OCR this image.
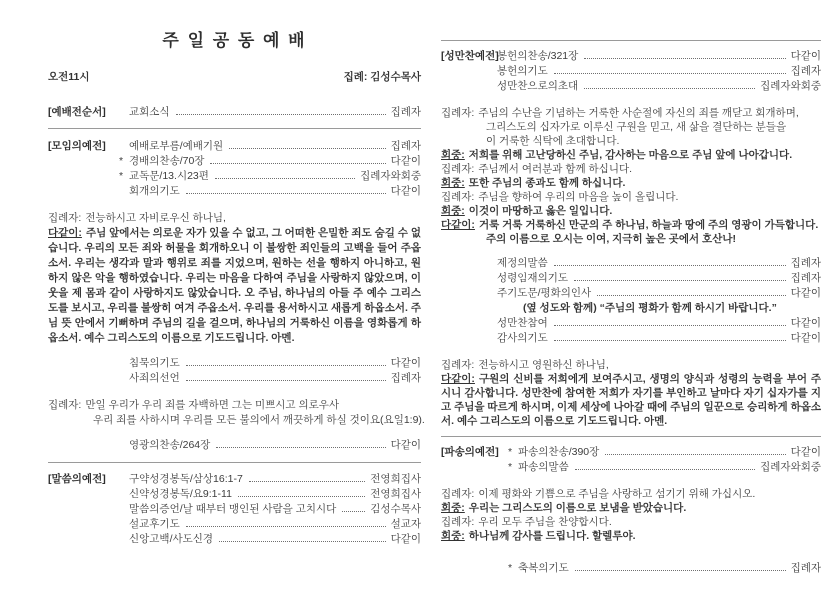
주 일 공 동 예 배
오전11시	집례: 김성수목사
[예배전순서] 교회소식	집례자
[모임의예전] 예배로부름/예배기원	집례자
* 경배의찬송/70장	다같이
* 교독문/13.시23편	집례자와회중
회개의기도	다같이

집례자: 전능하시고 자비로우신 하나님,

다같이: 주님 앞에서는 의로운 자가 있을 수 없고, 그 어떠한 은밀한 죄도 숨길 수 없습니다. 우리의 모든 죄와 허물을 회개하오니 이 불쌍한 죄인들의 고백을 들어 주옵소서. 우리는 생각과 말과 행위로 죄를 지었으며, 원하는 선을 행하지 아니하고, 원하지 않은 악을 행하였습니다. 우리는 마음을 다하여 주님을 사랑하지 않았으며, 이웃을 제 몸과 같이 사랑하지도 않았습니다. 오 주님, 하나님의 아들 주 예수 그리스도를 보시고, 우리를 불쌍히 여겨 주옵소서. 우리를 용서하시고 새롭게 하옵소서. 주님 뜻 안에서 기뻐하며 주님의 길을 걸으며, 하나님의 거룩하신 이름을 영화롭게 하옵소서. 예수 그리스도의 이름으로 기도드립니다. 아멘.

침묵의기도	다같이
사죄의선언	집례자

집례자: 만일 우리가 우리 죄를 자백하면 그는 미쁘시고 의로우사

우리 죄를 사하시며 우리를 모든 불의에서 깨끗하게 하실 것이요(요일1:9).

영광의찬송/264장	다같이
[말씀의예전] 구약성경봉독/삼상16:1-7	전영희집사
신약성경봉독/요9:1-11	전영희집사
말씀의증언/날 때부터 맹인된 사람을 고치시다	김성수목사
설교후기도	설교자
신앙고백/사도신경	다같이
[성만찬예전]
봉헌의찬송/321장	다같이
봉헌의기도	집례자
성만찬으로의초대	집례자와회중

집례자: 주님의 수난을 기념하는 거룩한 사순절에 자신의 죄를 깨닫고 회개하며,

그리스도의 십자가로 이루신 구원을 믿고, 새 삶을 결단하는 분들을

이 거룩한 식탁에 초대합니다.

회중: 저희를 위해 고난당하신 주님, 감사하는 마음으로 주님 앞에 나아갑니다.

집례자: 주님께서 여러분과 함께 하십니다.

회중: 또한 주님의 종과도 함께 하십니다.

집례자: 주님을 향하여 우리의 마음을 높이 올립니다.

회중: 이것이 마땅하고 옳은 일입니다.

다같이: 거룩 거룩 거룩하신 만군의 주 하나님, 하늘과 땅에 주의 영광이 가득합니다.

주의 이름으로 오시는 이여, 지극히 높은 곳에서 호산나!

제정의말씀	집례자
성령임재의기도	집례자
주기도문/평화의인사	다같이

(옆 성도와 함께) “주님의 평화가 함께 하시기 바랍니다.”

성만찬참여	다같이
감사의기도	다같이

집례자: 전능하시고 영원하신 하나님,

다같이: 구원의 신비를 저희에게 보여주시고, 생명의 양식과 성령의 능력을 부어 주시니 감사합니다. 성만찬에 참여한 저희가 자기를 부인하고 날마다 자기 십자가를 지고 주님을 따르게 하시며, 이제 세상에 나아갈 때에 주님의 일꾼으로 승리하게 하옵소서. 예수 그리스도의 이름으로 기도드립니다. 아멘.

[파송의예전] * 파송의찬송/390장	다같이
* 파송의말씀	집례자와회중

집례자: 이제 평화와 기쁨으로 주님을 사랑하고 섬기기 위해 가십시오.

회중: 우리는 그리스도의 이름으로 보냄을 받았습니다.

집례자: 우리 모두 주님을 찬양합시다.

회중: 하나님께 감사를 드립니다. 할렐루야.

* 축복의기도	집례자
